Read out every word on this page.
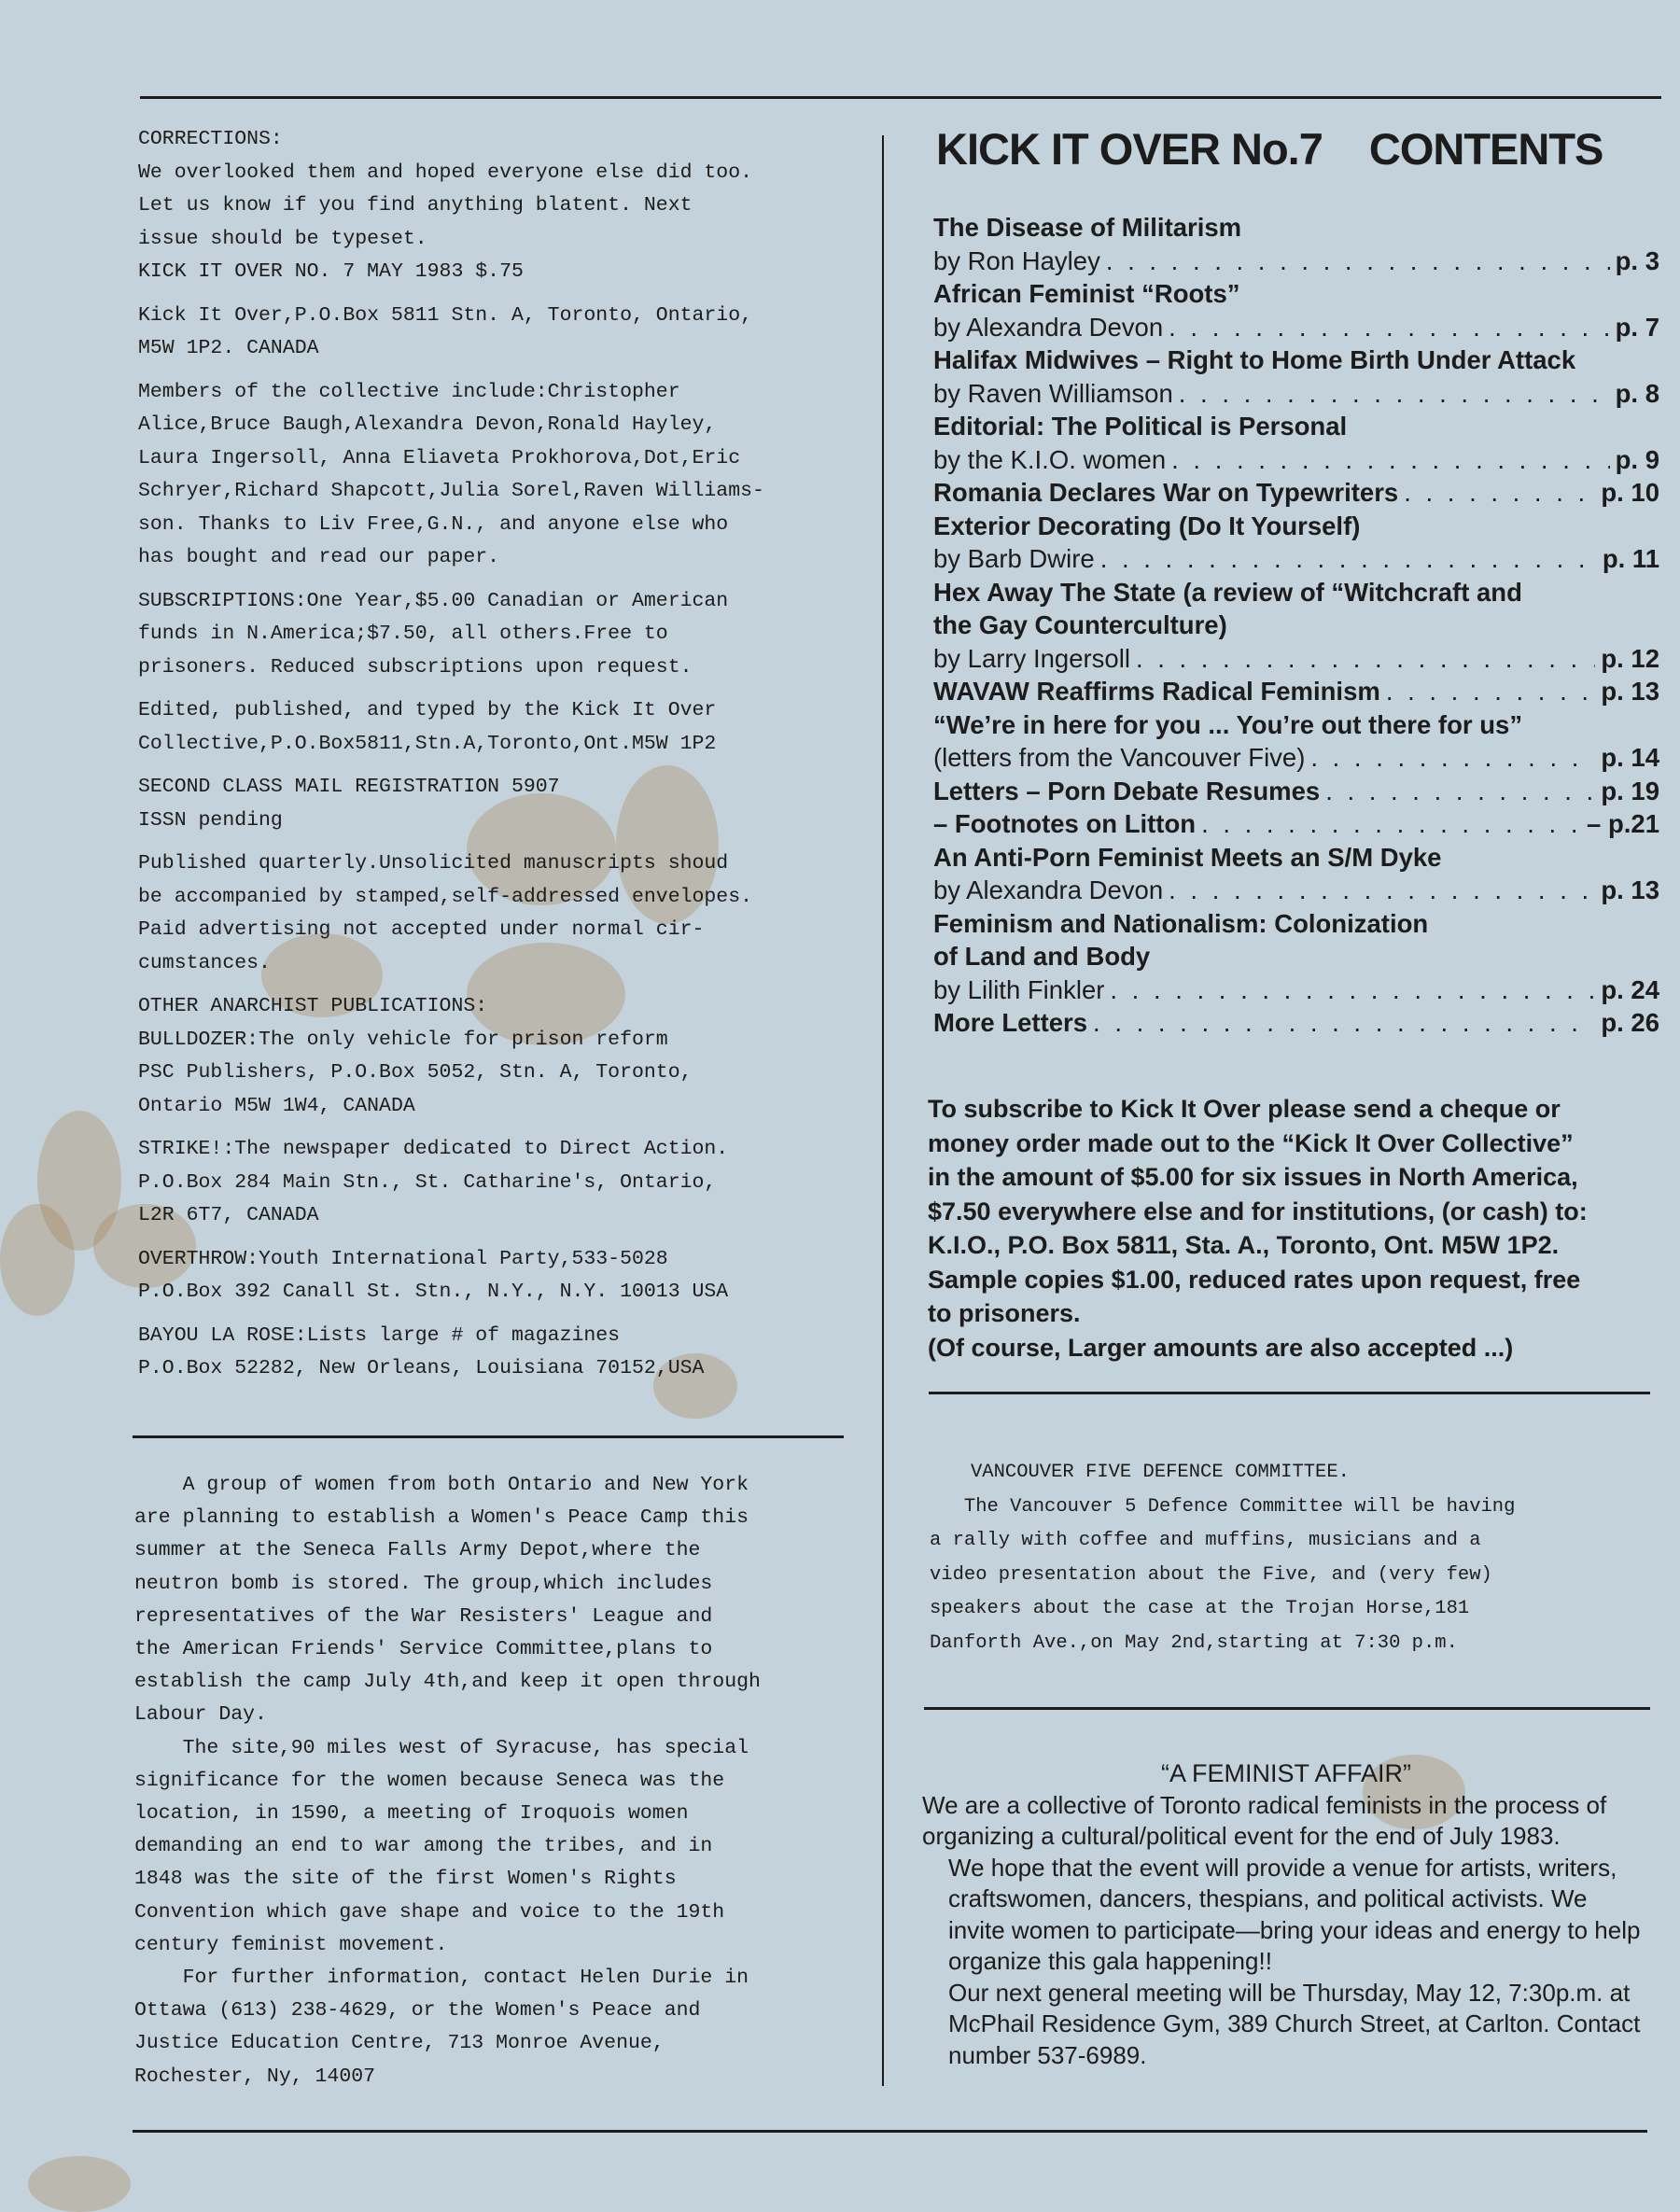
CORRECTIONS:
We overlooked them and hoped everyone else did too.
Let us know if you find anything blatent. Next
issue should be typeset.
KICK IT OVER NO. 7 MAY 1983 $.75
Kick It Over,P.O.Box 5811 Stn. A, Toronto, Ontario,
M5W 1P2. CANADA
Members of the collective include:Christopher
Alice,Bruce Baugh,Alexandra Devon,Ronald Hayley,
Laura Ingersoll, Anna Eliaveta Prokhorova,Dot,Eric
Schryer,Richard Shapcott,Julia Sorel,Raven Williams-
son. Thanks to Liv Free,G.N., and anyone else who
has bought and read our paper.
SUBSCRIPTIONS:One Year,$5.00 Canadian or American
funds in N.America;$7.50, all others.Free to
prisoners. Reduced subscriptions upon request.
Edited, published, and typed by the Kick It Over
Collective,P.O.Box5811,Stn.A,Toronto,Ont.M5W 1P2
SECOND CLASS MAIL REGISTRATION 5907
ISSN pending
Published quarterly.Unsolicited manuscripts shoud
be accompanied by stamped,self-addressed envelopes.
Paid advertising not accepted under normal cir-
cumstances.
OTHER ANARCHIST PUBLICATIONS:
BULLDOZER:The only vehicle for prison reform
PSC Publishers, P.O.Box 5052, Stn. A, Toronto,
Ontario M5W 1W4, CANADA
STRIKE!:The newspaper dedicated to Direct Action.
P.O.Box 284 Main Stn., St. Catharine's, Ontario,
L2R 6T7, CANADA
OVERTHROW:Youth International Party,533-5028
P.O.Box 392 Canall St. Stn., N.Y., N.Y. 10013 USA
BAYOU LA ROSE:Lists large # of magazines
P.O.Box 52282, New Orleans, Louisiana 70152,USA
A group of women from both Ontario and New York
are planning to establish a Women's Peace Camp this
summer at the Seneca Falls Army Depot,where the
neutron bomb is stored. The group,which includes
representatives of the War Resisters' League and
the American Friends' Service Committee,plans to
establish the camp July 4th,and keep it open through
Labour Day.
The site,90 miles west of Syracuse, has special
significance for the women because Seneca was the
location, in 1590, a meeting of Iroquois women
demanding an end to war among the tribes, and in
1848 was the site of the first Women's Rights
Convention which gave shape and voice to the 19th
century feminist movement.
For further information, contact Helen Durie in
Ottawa (613) 238-4629, or the Women's Peace and
Justice Education Centre, 713 Monroe Avenue,
Rochester, Ny, 14007
KICK IT OVER No.7 CONTENTS
The Disease of Militarism
by Ron Hayley . . .	p. 3
African Feminist “Roots”
by Alexandra Devon . . .	p. 7
Halifax Midwives – Right to Home Birth Under Attack
by Raven Williamson . . .	p. 8
Editorial: The Political is Personal
by the K.I.O. women . . .	p. 9
Romania Declares War on Typewriters . . .	p. 10
Exterior Decorating (Do It Yourself)
by Barb Dwire . . .	p. 11
Hex Away The State (a review of “Witchcraft and
the Gay Counterculture)
by Larry Ingersoll . . .	p. 12
WAVAW Reaffirms Radical Feminism . . .	p. 13
“We’re in here for you ... You’re out there for us”
(letters from the Vancouver Five) . . .	p. 14
Letters – Porn Debate Resumes . . .	p. 19
– Footnotes on Litton . . .	– p.21
An Anti-Porn Feminist Meets an S/M Dyke
by Alexandra Devon . . .	p. 13
Feminism and Nationalism: Colonization
of Land and Body
by Lilith Finkler . . .	p. 24
More Letters . . .	p. 26
To subscribe to Kick It Over please send a cheque or
money order made out to the “Kick It Over Collective”
in the amount of $5.00 for six issues in North America,
$7.50 everywhere else and for institutions, (or cash) to:
K.I.O., P.O. Box 5811, Sta. A., Toronto, Ont. M5W 1P2.
Sample copies $1.00, reduced rates upon request, free
to prisoners.
(Of course, Larger amounts are also accepted ...)
VANCOUVER FIVE DEFENCE COMMITTEE.
The Vancouver 5 Defence Committee will be having
a rally with coffee and muffins, musicians and a
video presentation about the Five, and (very few)
speakers about the case at the Trojan Horse,181
Danforth Ave.,on May 2nd,starting at 7:30 p.m.
“A FEMINIST AFFAIR”
We are a collective of Toronto radical feminists in the process of organizing a cultural/political event for the end of July 1983.
We hope that the event will provide a venue for artists, writers, craftswomen, dancers, thespians, and political activists. We invite women to participate—bring your ideas and energy to help organize this gala happening!!
Our next general meeting will be Thursday, May 12, 7:30p.m. at McPhail Residence Gym, 389 Church Street, at Carlton. Contact number 537-6989.
